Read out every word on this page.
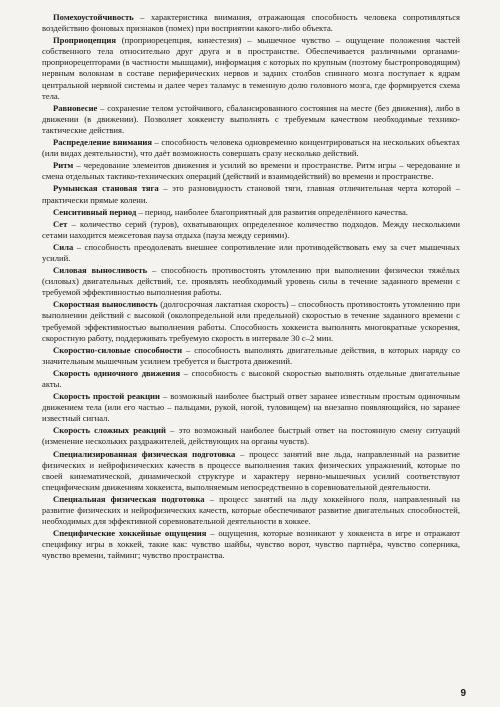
Помехоустойчивость – характеристика внимания, отражающая способность человека сопротивляться воздействию фоновых признаков (помех) при восприятии какого-либо объекта.

Проприоцепция (проприорецепция, кинестезия) – мышечное чувство – ощущение положения частей собственного тела относительно друг друга и в пространстве. Обеспечивается различными органами-проприорецепторами (в частности мышцами), информация с которых по крупным (поэтому быстропроводящим) нервным волокнам в составе периферических нервов и задних столбов спинного мозга поступает к ядрам центральной нервной системы и далее через таламус в теменную долю головного мозга, где формируется схема тела.

Равновесие – сохранение телом устойчивого, сбалансированного состояния на месте (без движения), либо в движении (в движении). Позволяет хоккеисту выполнять с требуемым качеством необходимые технико-тактические действия.

Распределение внимания – способность человека одновременно концентрироваться на нескольких объектах (или видах деятельности), что даёт возможность совершать сразу несколько действий.

Ритм – чередование элементов движения и усилий во времени и пространстве. Ритм игры – чередование и смена отдельных тактико-технических операций (действий и взаимодействий) во времени и пространстве.

Румынская становая тяга – это разновидность становой тяги, главная отличительная черта которой – практически прямые колени.

Сенситивный период – период, наиболее благоприятный для развития определённого качества.

Сет – количество серий (туров), охватывающих определенное количество подходов. Между несколькими сетами находится межсетовая пауза отдыха (пауза между сериями).

Сила – способность преодолевать внешнее сопротивление или противодействовать ему за счет мышечных усилий.

Силовая выносливость – способность противостоять утомлению при выполнении физически тяжёлых (силовых) двигательных действий, т.е. проявлять необходимый уровень силы в течение заданного времени с требуемой эффективностью выполнения работы.

Скоростная выносливость (долгосрочная лактатная скорость) – способность противостоять утомлению при выполнении действий с высокой (околопредельной или предельной) скоростью в течение заданного времени с требуемой эффективностью выполнения работы. Способность хоккеиста выполнять многократные ускорения, скоростную работу, поддерживать требуемую скорость в интервале 30 с–2 мин.

Скоростно-силовые способности – способность выполнять двигательные действия, в которых наряду со значительным мышечным усилием требуется и быстрота движений.

Скорость одиночного движения – способность с высокой скоростью выполнять отдельные двигательные акты.

Скорость простой реакции – возможный наиболее быстрый ответ заранее известным простым одиночным движением тела (или его частью – пальцами, рукой, ногой, туловищем) на внезапно появляющийся, но заранее известный сигнал.

Скорость сложных реакций – это возможный наиболее быстрый ответ на постоянную смену ситуаций (изменение нескольких раздражителей, действующих на органы чувств).

Специализированная физическая подготовка – процесс занятий вне льда, направленный на развитие физических и нейрофизических качеств в процессе выполнения таких физических упражнений, которые по своей кинематической, динамической структуре и характеру нервно-мышечных усилий соответствуют специфическим движениям хоккеиста, выполняемым непосредственно в соревновательной деятельности.

Специальная физическая подготовка – процесс занятий на льду хоккейного поля, направленный на развитие физических и нейрофизических качеств, которые обеспечивают развитие двигательных способностей, необходимых для эффективной соревновательной деятельности в хоккее.

Специфические хоккейные ощущения – ощущения, которые возникают у хоккеиста в игре и отражают специфику игры в хоккей, такие как: чувство шайбы, чувство ворот, чувство партнёра, чувство соперника, чувство времени, тайминг; чувство пространства.

9
